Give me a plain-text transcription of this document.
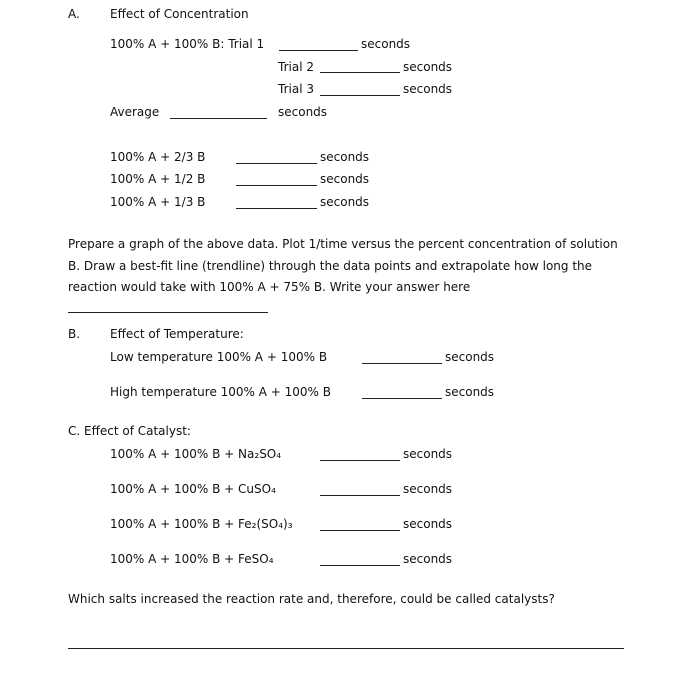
A.	Effect of Concentration
100% A + 100% B: Trial 1	seconds
Trial 2	seconds
Trial 3	seconds
Average	seconds
100% A + 2/3 B	seconds
100% A + 1/2 B	seconds
100% A + 1/3 B	seconds
Prepare a graph of the above data. Plot 1/time versus the percent concentration of solution B. Draw a best-fit line (trendline) through the data points and extrapolate how long the reaction would take with 100% A + 75% B. Write your answer here
B. Effect of Temperature:
Low temperature 100% A + 100% B	seconds
High temperature 100% A + 100% B	seconds
C. Effect of Catalyst:
100% A + 100% B + Na₂SO₄	seconds
100% A + 100% B + CuSO₄	seconds
100% A + 100% B + Fe₂(SO₄)₃	seconds
100% A + 100% B + FeSO₄	seconds
Which salts increased the reaction rate and, therefore, could be called catalysts?
